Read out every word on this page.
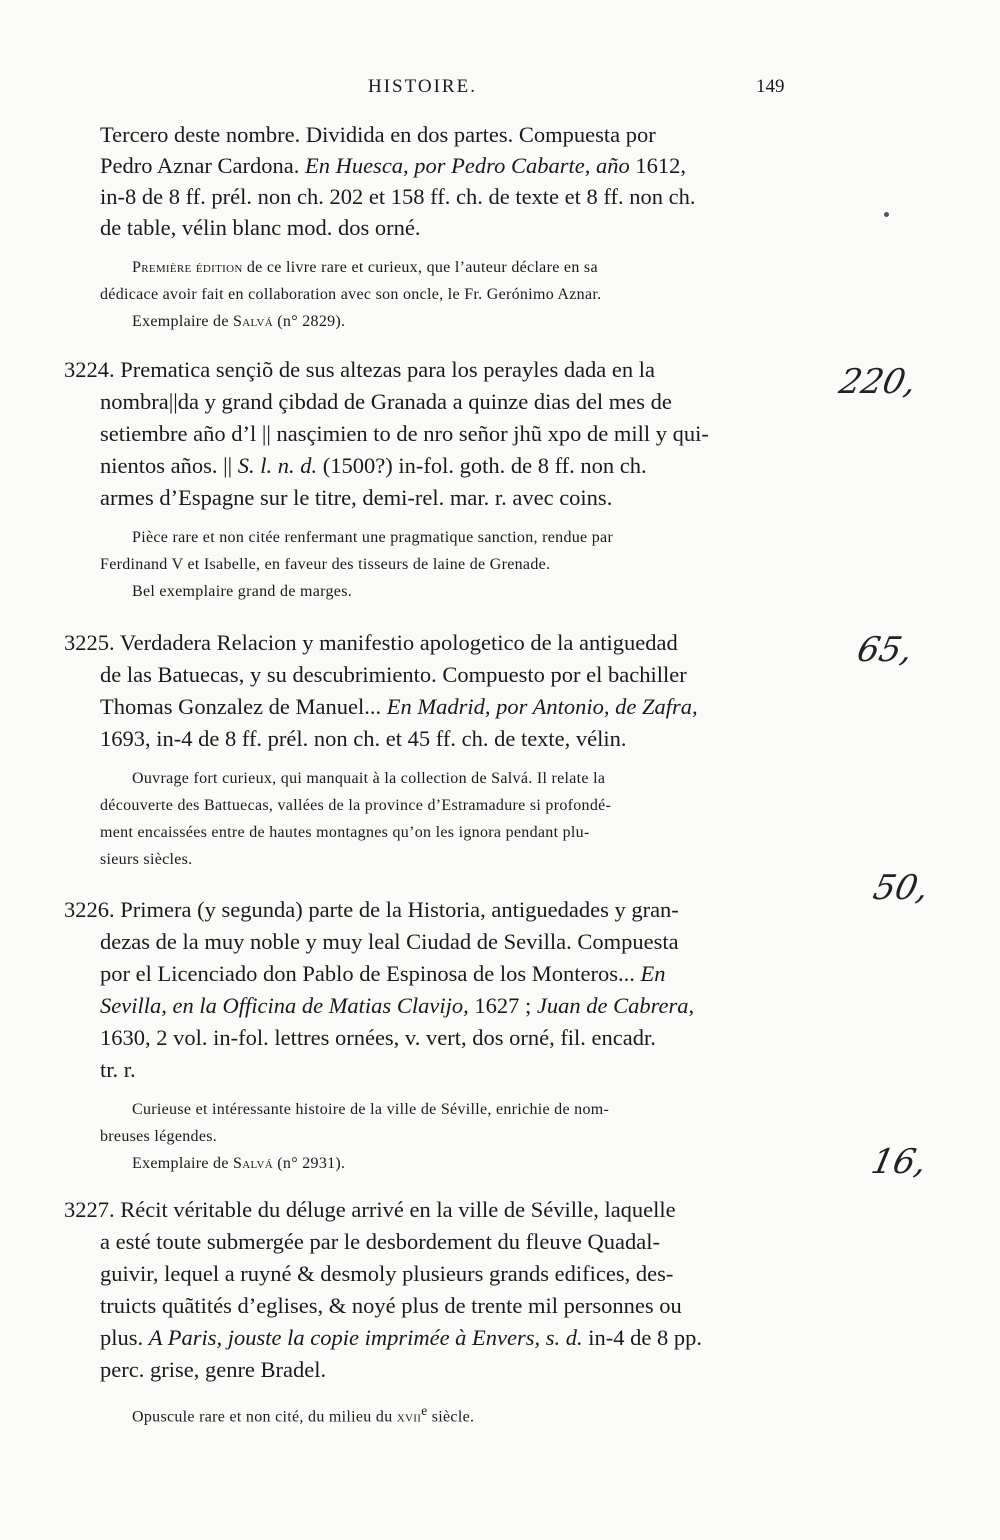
HISTOIRE.	149
Tercero deste nombre. Dividida en dos partes. Compuesta por
Pedro Aznar Cardona. En Huesca, por Pedro Cabarte, año 1612,
in-8 de 8 ff. prél. non ch. 202 et 158 ff. ch. de texte et 8 ff. non ch.
de table, vélin blanc mod. dos orné.
Première édition de ce livre rare et curieux, que l’auteur déclare en sa
dédicace avoir fait en collaboration avec son oncle, le Fr. Gerónimo Aznar.
Exemplaire de Salvá (n° 2829).
3224. Prematica sençiõ de sus altezas para los perayles dada en la
nombra||da y grand çibdad de Granada a quinze dias del mes de
setiembre año d’l || nasçimien to de nro señor jhũ xpo de mill y qui-
nientos años. || S. l. n. d. (1500?) in-fol. goth. de 8 ff. non ch.
armes d’Espagne sur le titre, demi-rel. mar. r. avec coins.
Pièce rare et non citée renfermant une pragmatique sanction, rendue par
Ferdinand V et Isabelle, en faveur des tisseurs de laine de Grenade.
Bel exemplaire grand de marges.
220,
3225. Verdadera Relacion y manifestio apologetico de la antiguedad
de las Batuecas, y su descubrimiento. Compuesto por el bachiller
Thomas Gonzalez de Manuel... En Madrid, por Antonio, de Zafra,
1693, in-4 de 8 ff. prél. non ch. et 45 ff. ch. de texte, vélin.
Ouvrage fort curieux, qui manquait à la collection de Salvá. Il relate la
découverte des Battuecas, vallées de la province d’Estramadure si profondé-
ment encaissées entre de hautes montagnes qu’on les ignora pendant plu-
sieurs siècles.
65,
3226. Primera (y segunda) parte de la Historia, antiguedades y gran-
dezas de la muy noble y muy leal Ciudad de Sevilla. Compuesta
por el Licenciado don Pablo de Espinosa de los Monteros... En
Sevilla, en la Officina de Matias Clavijo, 1627 ; Juan de Cabrera,
1630, 2 vol. in-fol. lettres ornées, v. vert, dos orné, fil. encadr.
tr. r.
Curieuse et intéressante histoire de la ville de Séville, enrichie de nom-
breuses légendes.
Exemplaire de Salvá (n° 2931).
50,
3227. Récit véritable du déluge arrivé en la ville de Séville, laquelle
a esté toute submergée par le desbordement du fleuve Quadal-
guivir, lequel a ruyné & desmoly plusieurs grands edifices, des-
truicts quãtités d’eglises, & noyé plus de trente mil personnes ou
plus. A Paris, jouste la copie imprimée à Envers, s. d. in-4 de 8 pp.
perc. grise, genre Bradel.
Opuscule rare et non cité, du milieu du xvii$^e$ siècle.
16,
